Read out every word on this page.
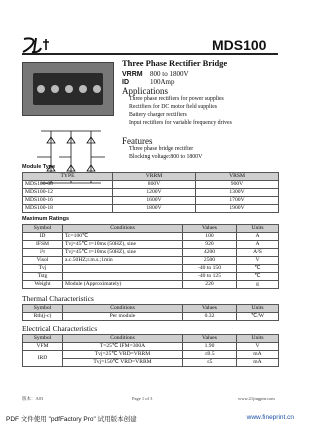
MDS100
Three Phase Rectifier Bridge
VRRM 800 to 1800V
ID	100Amp
Applications
Three phase rectifiers for power supplies
Rectifiers for DC motor field supplies
Battery charger rectifiers
Input rectifiers for variable frequency drives
Features
Three phase bridge rectifier
Blocking voltage:800 to 1800V
Module Type
TYPE	VRRM	VRSM
MDS100-08	800V	900V
MDS100-12	1200V	1300V
MDS100-16	1600V	1700V
MDS100-18	1800V	1900V
Maximum Ratings
Symbol	Conditions	Values	Units
ID	Tc=100℃	100	A
IFSM	Tvj=45℃ t=10ms (50HZ), sine	920	A
i²t	Tvj=45℃ t=10ms (50HZ), sine	4200	A²S
Visol	a.c.50HZ;r.m.s.;1min	2500	V
Tvj		-40 to 150	℃
Tstg		-40 to 125	℃
Weight	Module (Approximately)	220	g
Thermal Characteristics
Symbol	Conditions	Values	Units
Rth(j-c)	Per module	0.32	℃/W
Electrical Characteristics
Symbol	Conditions	Values	Units
VFM	T=25℃ IFM=300A	1.90	V
IRD	Tvj=25℃ VRD=VRRM	≤0.5	mA
	Tvj=150℃ VRD=VRRM	≤5	mA
版本：A03	Page 1 of 3	www.21jingpin.com
PDF 文件使用 "pdfFactory Pro" 试用版本创建	www.fineprint.cn
